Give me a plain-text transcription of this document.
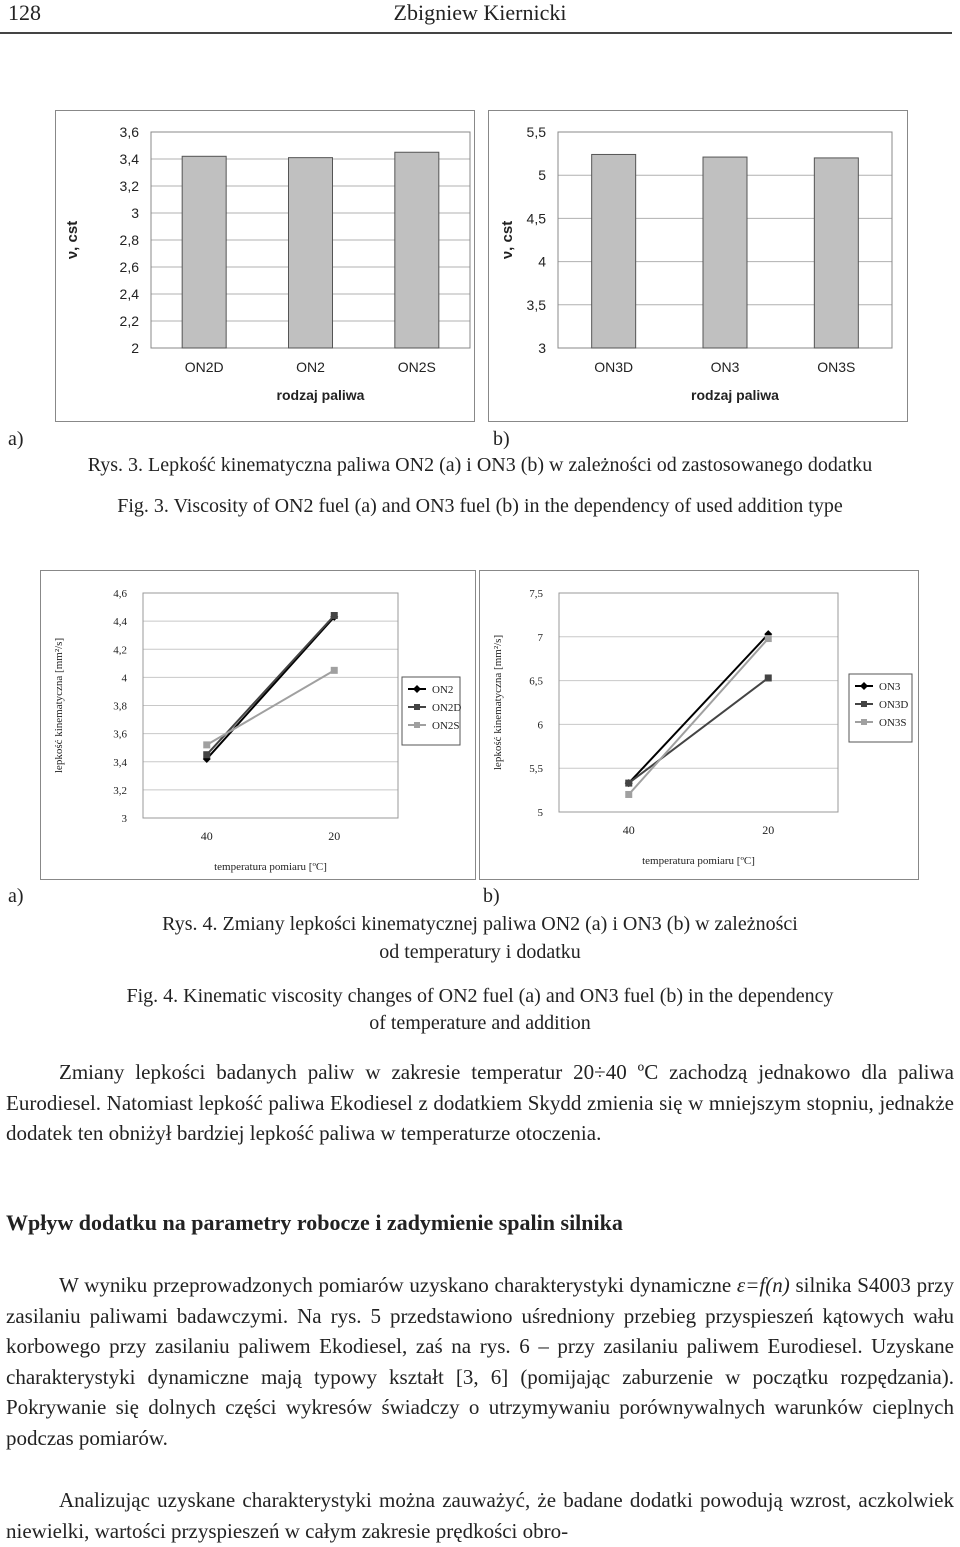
128	Zbigniew Kiernicki
3,6
3,4
3,2
3
2,8
2,6
2,4
2,2
2
ON2D	ON2	ON2S
rodzaj paliwa
ν, cst
5,5
5
4,5
4
3,5
3
ON3D	ON3	ON3S
rodzaj paliwa
ν, cst
a)	b)
Rys. 3. Lepkość kinematyczna paliwa ON2 (a) i ON3 (b) w zależności od zastosowanego dodatku
Fig. 3. Viscosity of ON2 fuel (a) and ON3 fuel (b) in the dependency of used addition type
4,6
4,4
4,2
4
3,8
3,6
3,4
3,2
3
40	20
ON2
ON2D
ON2S
temperatura pomiaru [ºC]
lepkość kinematyczna [mm²/s]
7,5
7
6,5
6
5,5
5
40	20
ON3
ON3D
ON3S
temperatura pomiaru [ºC]
lepkość kinematyczna [mm²/s]
a)	b)
Rys. 4. Zmiany lepkości kinematycznej paliwa ON2 (a) i ON3 (b) w zależności
od temperatury i dodatku
Fig. 4. Kinematic viscosity changes of ON2 fuel (a) and ON3 fuel (b) in the dependency
of temperature and addition

Zmiany lepkości badanych paliw w zakresie temperatur 20÷40 ºC zachodzą jednakowo dla paliwa Eurodiesel. Natomiast lepkość paliwa Ekodiesel z dodatkiem Skydd zmienia się w mniejszym stopniu, jednakże dodatek ten obniżył bardziej lepkość paliwa w temperaturze otoczenia.

Wpływ dodatku na parametry robocze i zadymienie spalin silnika

W wyniku przeprowadzonych pomiarów uzyskano charakterystyki dynamiczne ε=f(n) silnika S4003 przy zasilaniu paliwami badawczymi. Na rys. 5 przedstawiono uśredniony przebieg przyspieszeń kątowych wału korbowego przy zasilaniu paliwem Ekodiesel, zaś na rys. 6 – przy zasilaniu paliwem Eurodiesel. Uzyskane charakterystyki dynamiczne mają typowy kształt [3, 6] (pomijając zaburzenie w początku rozpędzania). Pokrywanie się dolnych części wykresów świadczy o utrzymywaniu porównywalnych warunków cieplnych podczas pomiarów.

Analizując uzyskane charakterystyki można zauważyć, że badane dodatki powodują wzrost, aczkolwiek niewielki, wartości przyspieszeń w całym zakresie prędkości obro-
